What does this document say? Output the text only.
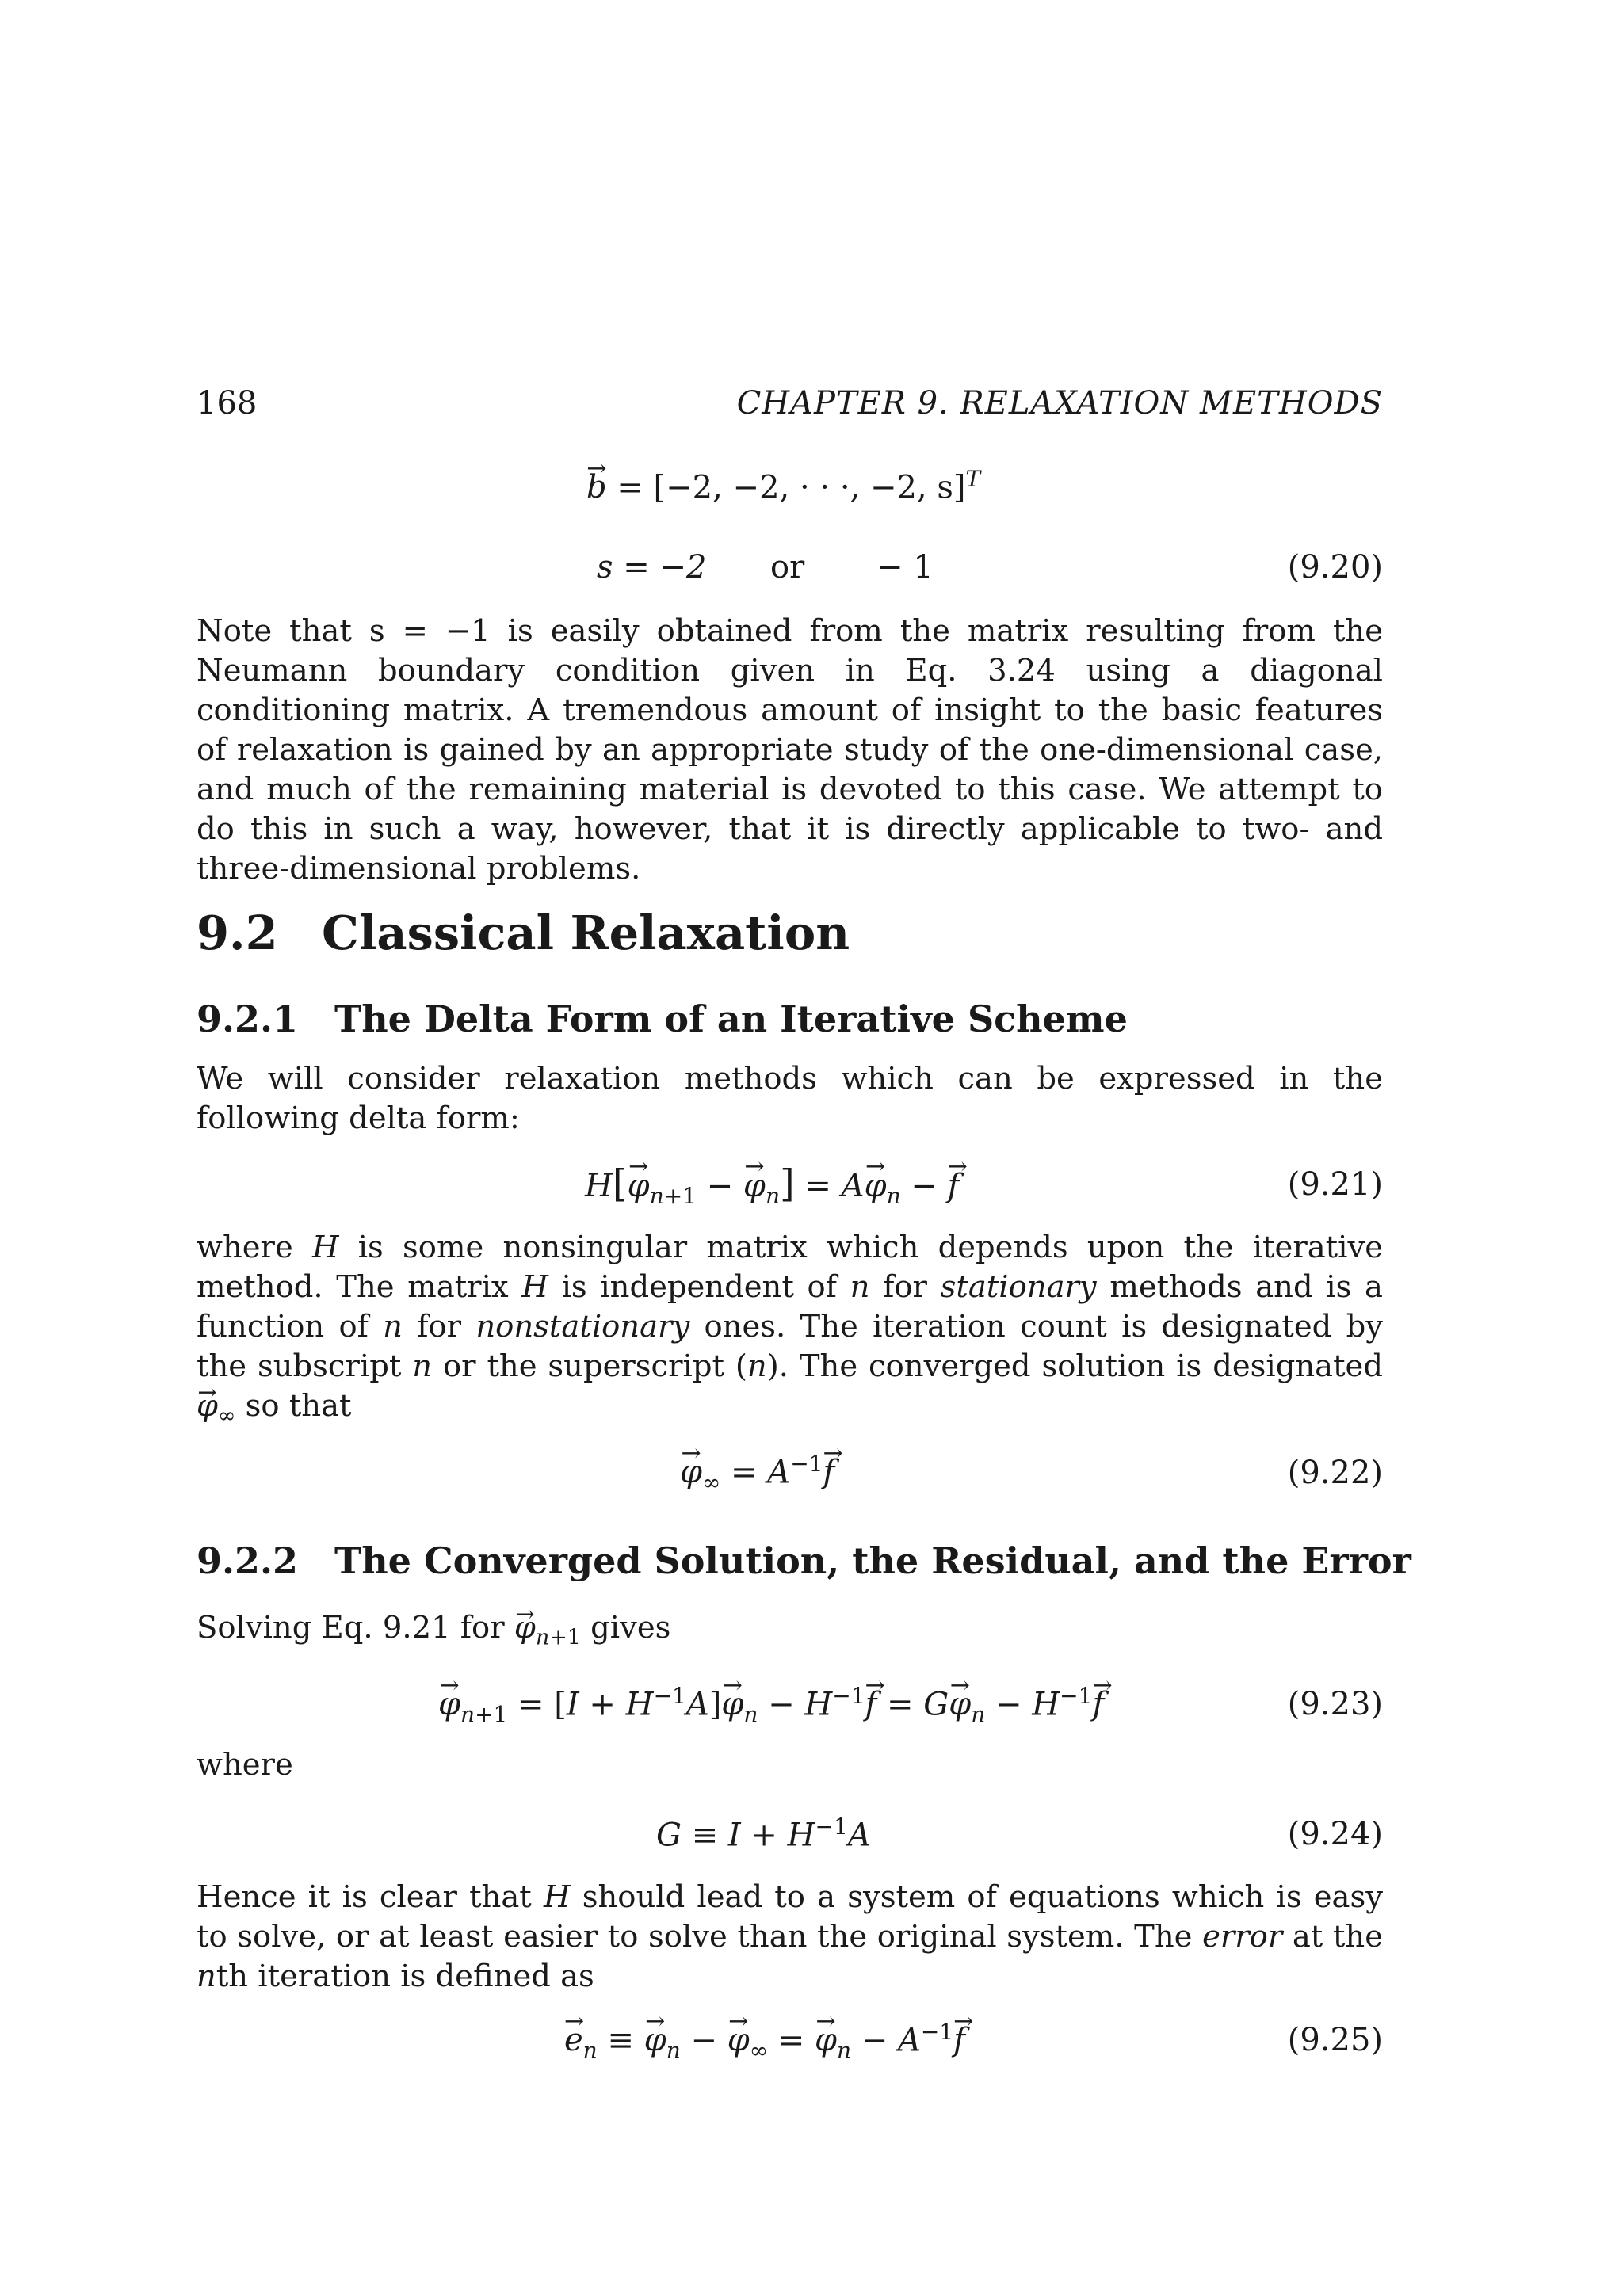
168	CHAPTER 9. RELAXATION METHODS
→ b = [−2, −2, · · ·, −2, s]$^T$
s = −2 or − 1	(9.20)

Note that s = −1 is easily obtained from the matrix resulting from the Neumann boundary condition given in Eq. 3.24 using a diagonal conditioning matrix. A tremendous amount of insight to the basic features of relaxation is gained by an appropriate study of the one-dimensional case, and much of the remaining material is devoted to this case. We attempt to do this in such a way, however, that it is directly applicable to two- and three-dimensional problems.

9.2 Classical Relaxation
9.2.1 The Delta Form of an Iterative Scheme

We will consider relaxation methods which can be expressed in the following delta form:

$H[\to \varphi_{n+1}$ − → $\varphi_n] = A\to \varphi_n$ − → f	(9.21)

where H is some nonsingular matrix which depends upon the iterative method. The matrix H is independent of n for stationary methods and is a function of n for nonstationary ones. The iteration count is designated by the subscript n or the superscript (n). The converged solution is designated → $\varphi_\infty$ so that

→ $\varphi_\infty = A^{-1}\to f$	(9.22)
9.2.2 The Converged Solution, the Residual, and the Error

Solving Eq. 9.21 for → $\varphi_{n+1}$ gives

→ $\varphi_{n+1} = [I + H^{-1}A]\to \varphi_n - H^{-1}\to f = G\to \varphi_n - H^{-1}\to f$	(9.23)
where
$G \equiv I + H^{-1}A$	(9.24)

Hence it is clear that H should lead to a system of equations which is easy to solve, or at least easier to solve than the original system. The error at the nth iteration is defined as

→ $e_n$ ≡ → $\varphi_n$ − → $\varphi_\infty$ = → $\varphi_n - A^{-1}\to f$	(9.25)
